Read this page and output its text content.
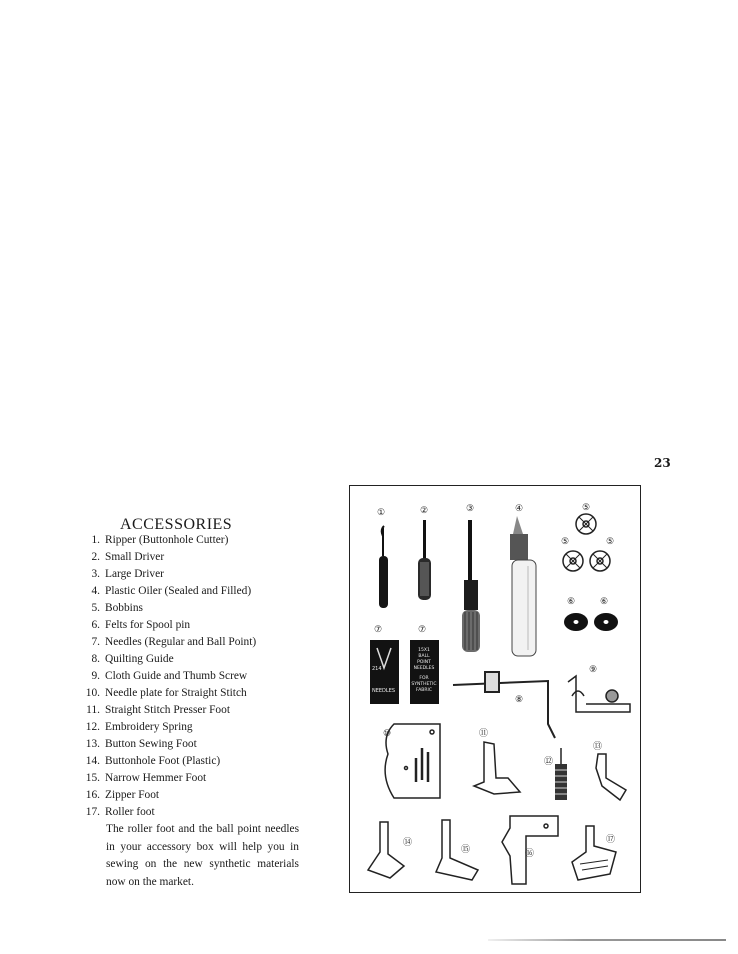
23
ACCESSORIES
1. Ripper (Buttonhole Cutter)
2. Small Driver
3. Large Driver
4. Plastic Oiler (Sealed and Filled)
5. Bobbins
6. Felts for Spool pin
7. Needles (Regular and Ball Point)
8. Quilting Guide
9. Cloth Guide and Thumb Screw
10. Needle plate for Straight Stitch
11. Straight Stitch Presser Foot
12. Embroidery Spring
13. Button Sewing Foot
14. Buttonhole Foot (Plastic)
15. Narrow Hemmer Foot
16. Zipper Foot
17. Roller foot

The roller foot and the ball point needles in your accessory box will help you in sewing on the new synthetic materials now on the market.

①	②	③	④	⑤
⑤	⑤
⑥	⑥
⑦	⑦
⑧
⑨
⑩	⑪
⑫
⑬
⑭
⑮	⑯
⑰
214
NEEDLES
15X1
BALL
POINT
NEEDLES
FOR
SYNTHETIC
FABRIC
